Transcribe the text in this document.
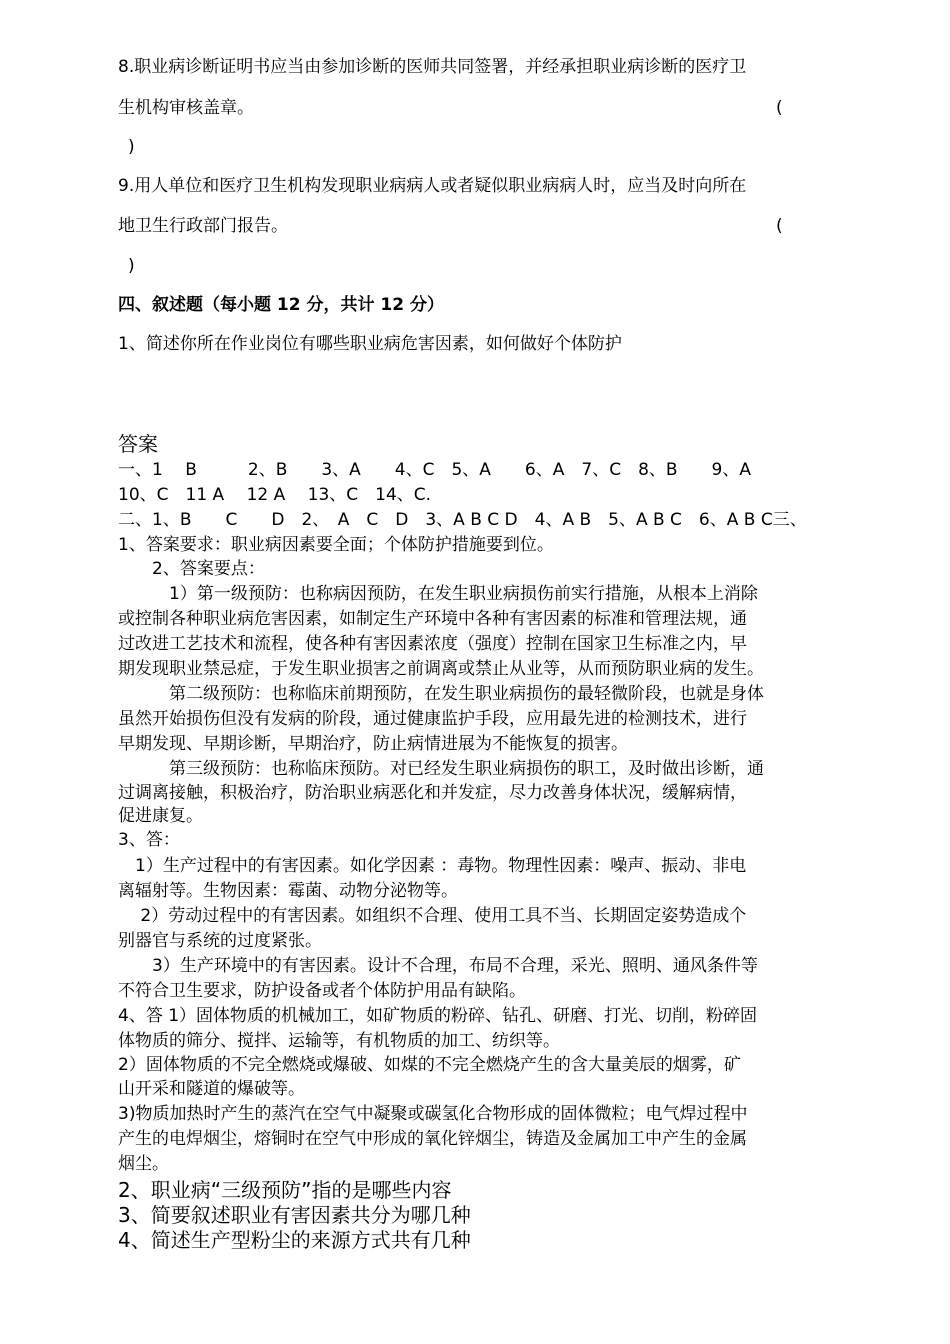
8.职业病诊断证明书应当由参加诊断的医师共同签署，并经承担职业病诊断的医疗卫
生机构审核盖章。	(
)
9.用人单位和医疗卫生机构发现职业病病人或者疑似职业病病人时，应当及时向所在
地卫生行政部门报告。	(
)
四、叙述题（每小题 12 分，共计 12 分）
1、简述你所在作业岗位有哪些职业病危害因素，如何做好个体防护
答案
一、1　 B　　　2、B　　3、A　　4、C　5、A　　6、A　7、C　8、B　　9、A
10、C　11 A　 12 A　 13、C　14、C.
二、1、B　　C　　D　2、　A　C　D　3、A B C D　4、A B　5、A B C　6、A B C三、
1、答案要求：职业病因素要全面；个体防护措施要到位。
　　2、答案要点：
　　　1）第一级预防：也称病因预防，在发生职业病损伤前实行措施，从根本上消除
或控制各种职业病危害因素，如制定生产环境中各种有害因素的标准和管理法规，通
过改进工艺技术和流程，使各种有害因素浓度（强度）控制在国家卫生标准之内，早
期发现职业禁忌症，于发生职业损害之前调离或禁止从业等，从而预防职业病的发生。
　　　第二级预防：也称临床前期预防，在发生职业病损伤的最轻微阶段，也就是身体
虽然开始损伤但没有发病的阶段，通过健康监护手段，应用最先进的检测技术，进行
早期发现、早期诊断，早期治疗，防止病情进展为不能恢复的损害。
　　　第三级预防：也称临床预防。对已经发生职业病损伤的职工，及时做出诊断，通
过调离接触，积极治疗，防治职业病恶化和并发症，尽力改善身体状况，缓解病情，
促进康复。
3、答：
　1）生产过程中的有害因素。如化学因素 ：毒物。物理性因素：噪声、振动、非电
离辐射等。生物因素：霉菌、动物分泌物等。
　 2）劳动过程中的有害因素。如组织不合理、使用工具不当、长期固定姿势造成个
别器官与系统的过度紧张。
　　3）生产环境中的有害因素。设计不合理，布局不合理，采光、照明、通风条件等
不符合卫生要求，防护设备或者个体防护用品有缺陷。
4、答 1）固体物质的机械加工，如矿物质的粉碎、钻孔、研磨、打光、切削，粉碎固
体物质的筛分、搅拌、运输等，有机物质的加工、纺织等。
2）固体物质的不完全燃烧或爆破、如煤的不完全燃烧产生的含大量美辰的烟雾，矿
山开采和隧道的爆破等。
3)物质加热时产生的蒸汽在空气中凝聚或碳氢化合物形成的固体微粒；电气焊过程中
产生的电焊烟尘，熔铜时在空气中形成的氧化锌烟尘，铸造及金属加工中产生的金属
烟尘。
2、职业病“三级预防”指的是哪些内容
3、简要叙述职业有害因素共分为哪几种
4、简述生产型粉尘的来源方式共有几种
